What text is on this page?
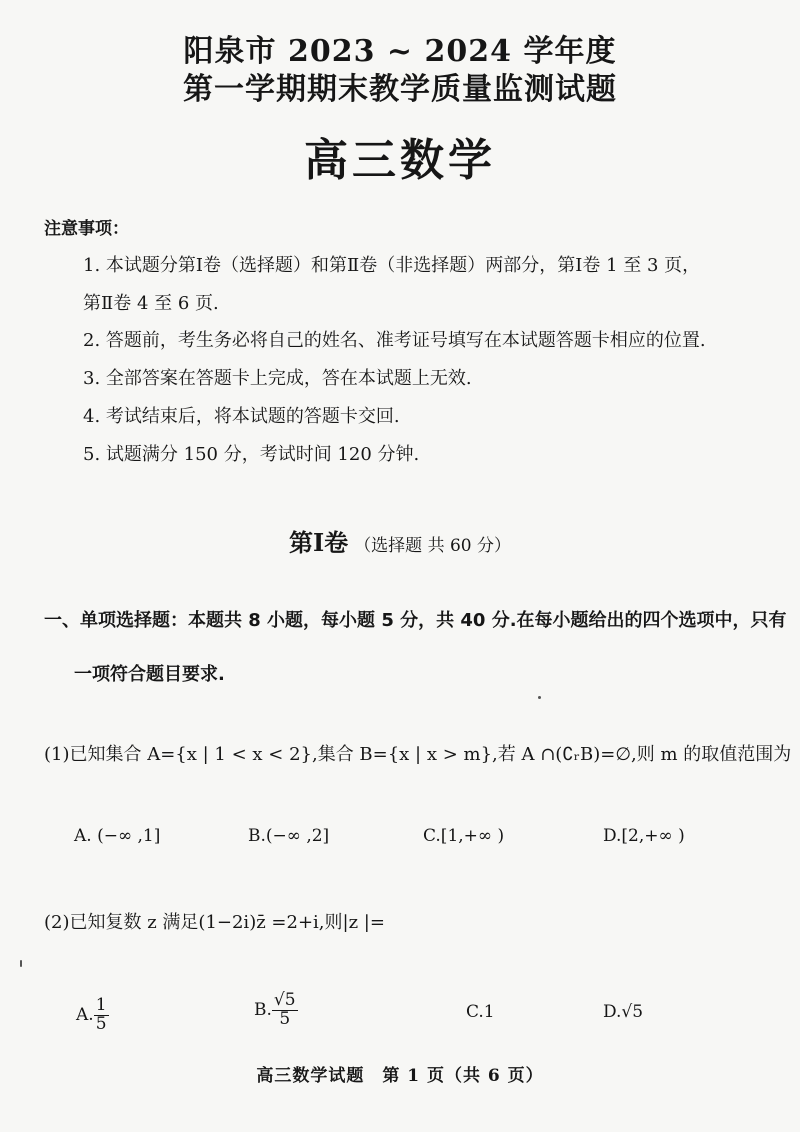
阳泉市 2023 ~ 2024 学年度
第一学期期末教学质量监测试题
高三数学
注意事项：
1. 本试题分第Ⅰ卷（选择题）和第Ⅱ卷（非选择题）两部分，第Ⅰ卷 1 至 3 页，
第Ⅱ卷 4 至 6 页.
2. 答题前，考生务必将自己的姓名、准考证号填写在本试题答题卡相应的位置.
3. 全部答案在答题卡上完成，答在本试题上无效.
4. 考试结束后，将本试题的答题卡交回.
5. 试题满分 150 分，考试时间 120 分钟.
第Ⅰ卷 （选择题 共 60 分）
一、单项选择题：本题共 8 小题，每小题 5 分，共 40 分.在每小题给出的四个选项中，只有
一项符合题目要求.
(1)已知集合 A={x | 1 < x < 2},集合 B={x | x > m},若 A ∩(∁ᵣB)=∅,则 m 的取值范围为
A. (−∞ ,1]	B.(−∞ ,2]	C.[1,+∞ )	D.[2,+∞ )
(2)已知复数 z 满足(1−2i)z̄ =2+i,则|z |=
A. $\frac{1}{5}$	B. $\frac{√5}{5}$	C.1	D.√5
高三数学试题　第 1 页（共 6 页）
